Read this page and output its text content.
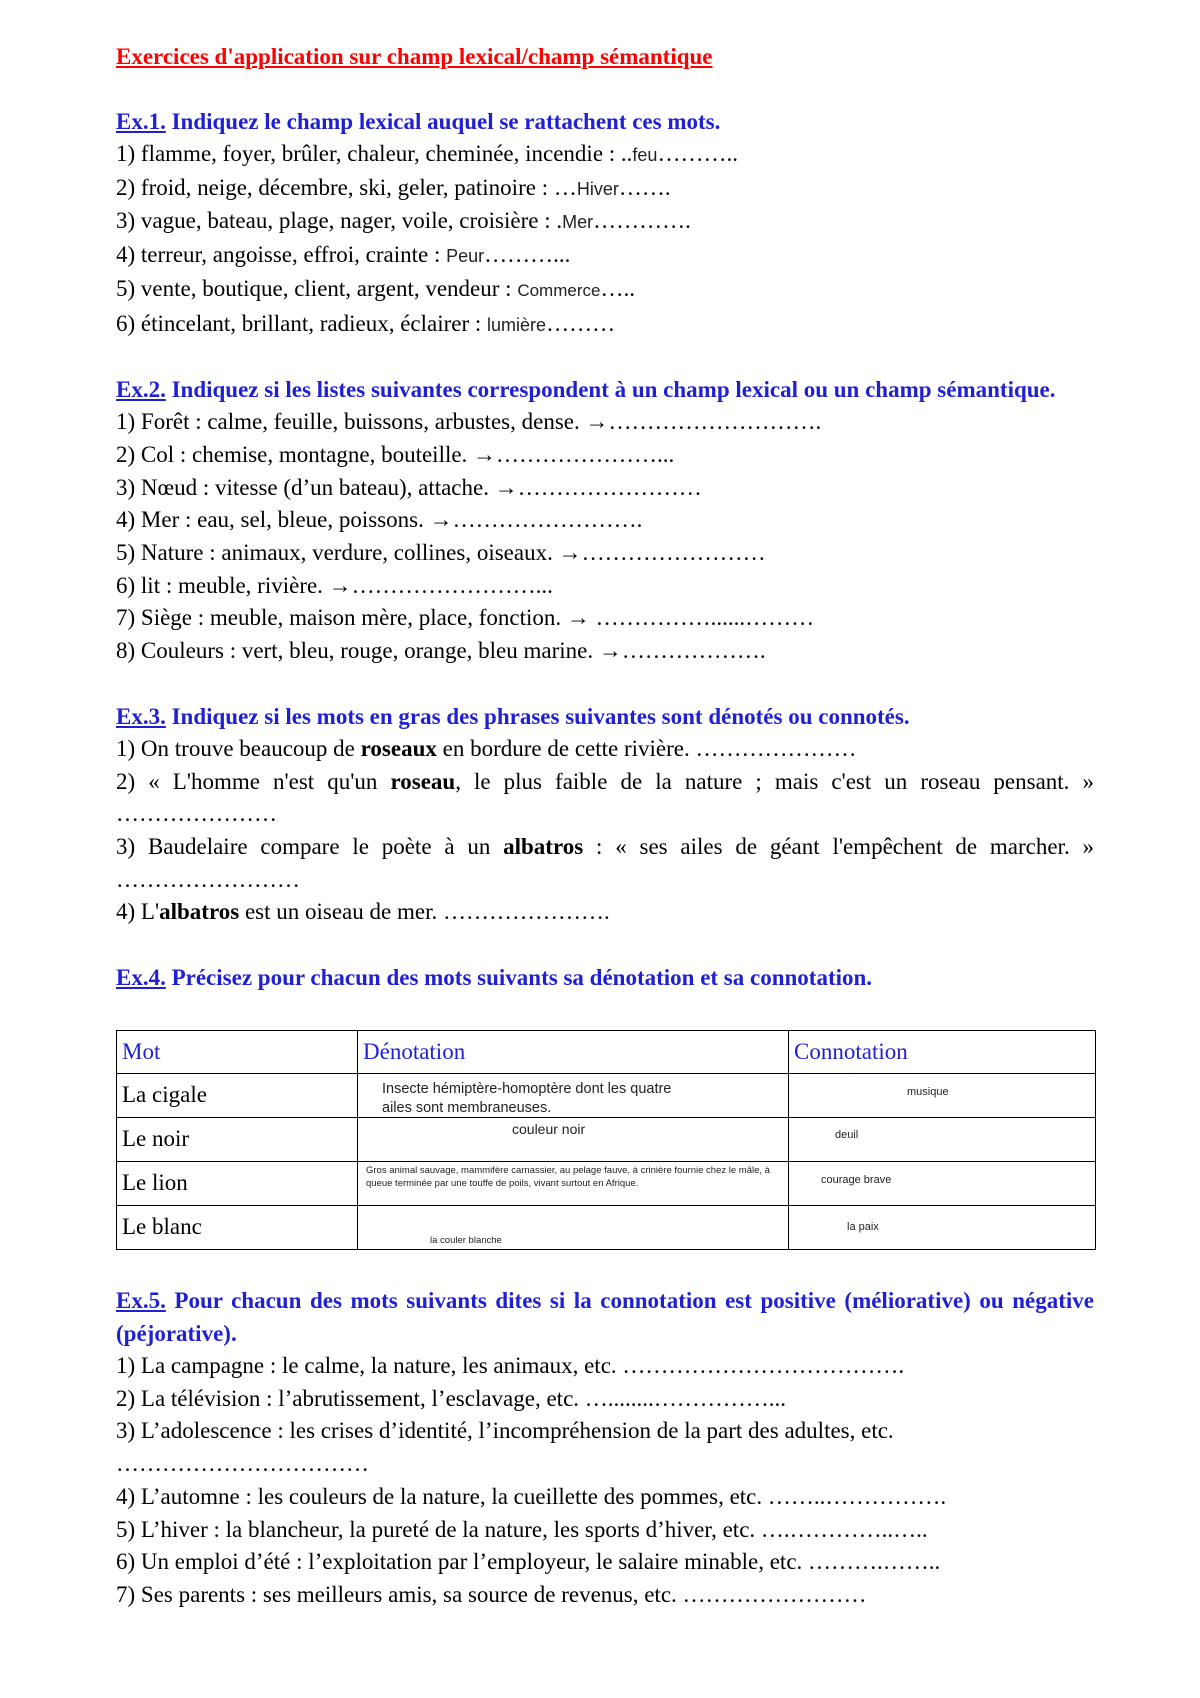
Exercices d'application sur champ lexical/champ sémantique
Ex.1. Indiquez le champ lexical auquel se rattachent ces mots.
1) flamme, foyer, brûler, chaleur, cheminée, incendie : ..feu………..
2) froid, neige, décembre, ski, geler, patinoire : …Hiver…….
3) vague, bateau, plage, nager, voile, croisière : .Mer………….
4) terreur, angoisse, effroi, crainte : Peur………...
5) vente, boutique, client, argent, vendeur : Commerce…..
6) étincelant, brillant, radieux, éclairer : lumière………
Ex.2. Indiquez si les listes suivantes correspondent à un champ lexical ou un champ sémantique.
1) Forêt : calme, feuille, buissons, arbustes, dense. →……………………….
2) Col : chemise, montagne, bouteille. →…………………...
3) Nœud : vitesse (d’un bateau), attache. →……………………
4) Mer : eau, sel, bleue, poissons. →…………………….
5) Nature : animaux, verdure, collines, oiseaux. →……………………
6) lit : meuble, rivière. →……………………...
7) Siège : meuble, maison mère, place, fonction. → ……………......………
8) Couleurs : vert, bleu, rouge, orange, bleu marine. →……………….
Ex.3. Indiquez si les mots en gras des phrases suivantes sont dénotés ou connotés.
1) On trouve beaucoup de roseaux en bordure de cette rivière. …………………
2) « L'homme n'est qu'un roseau, le plus faible de la nature ; mais c'est un roseau pensant. » …………………
3) Baudelaire compare le poète à un albatros : « ses ailes de géant l'empêchent de marcher. » ……………………
4) L'albatros est un oiseau de mer. ………………….
Ex.4. Précisez pour chacun des mots suivants sa dénotation et sa connotation.
Mot	Dénotation	Connotation
La cigale	Insecte hémiptère-homoptère dont les quatre ailes sont membraneuses.	musique

Le noir	couleur noir	deuil

Le lion	Gros animal sauvage, mammifère carnassier, au pelage fauve, à crinière fournie chez le mâle, à queue terminée par une touffe de poils, vivant surtout en Afrique.	courage brave

Le blanc	la couler blanche	la paix
Ex.5. Pour chacun des mots suivants dites si la connotation est positive (méliorative) ou négative (péjorative).
1) La campagne : le calme, la nature, les animaux, etc. ……………………………….
2) La télévision : l’abrutissement, l’esclavage, etc. …........……………...
3) L’adolescence : les crises d’identité, l’incompréhension de la part des adultes, etc.
……………………………
4) L’automne : les couleurs de la nature, la cueillette des pommes, etc. ……..…………….
5) L’hiver : la blancheur, la pureté de la nature, les sports d’hiver, etc. ….…………..…..
6) Un emploi d’été : l’exploitation par l’employeur, le salaire minable, etc. ……….……..
7) Ses parents : ses meilleurs amis, sa source de revenus, etc. ……………………
